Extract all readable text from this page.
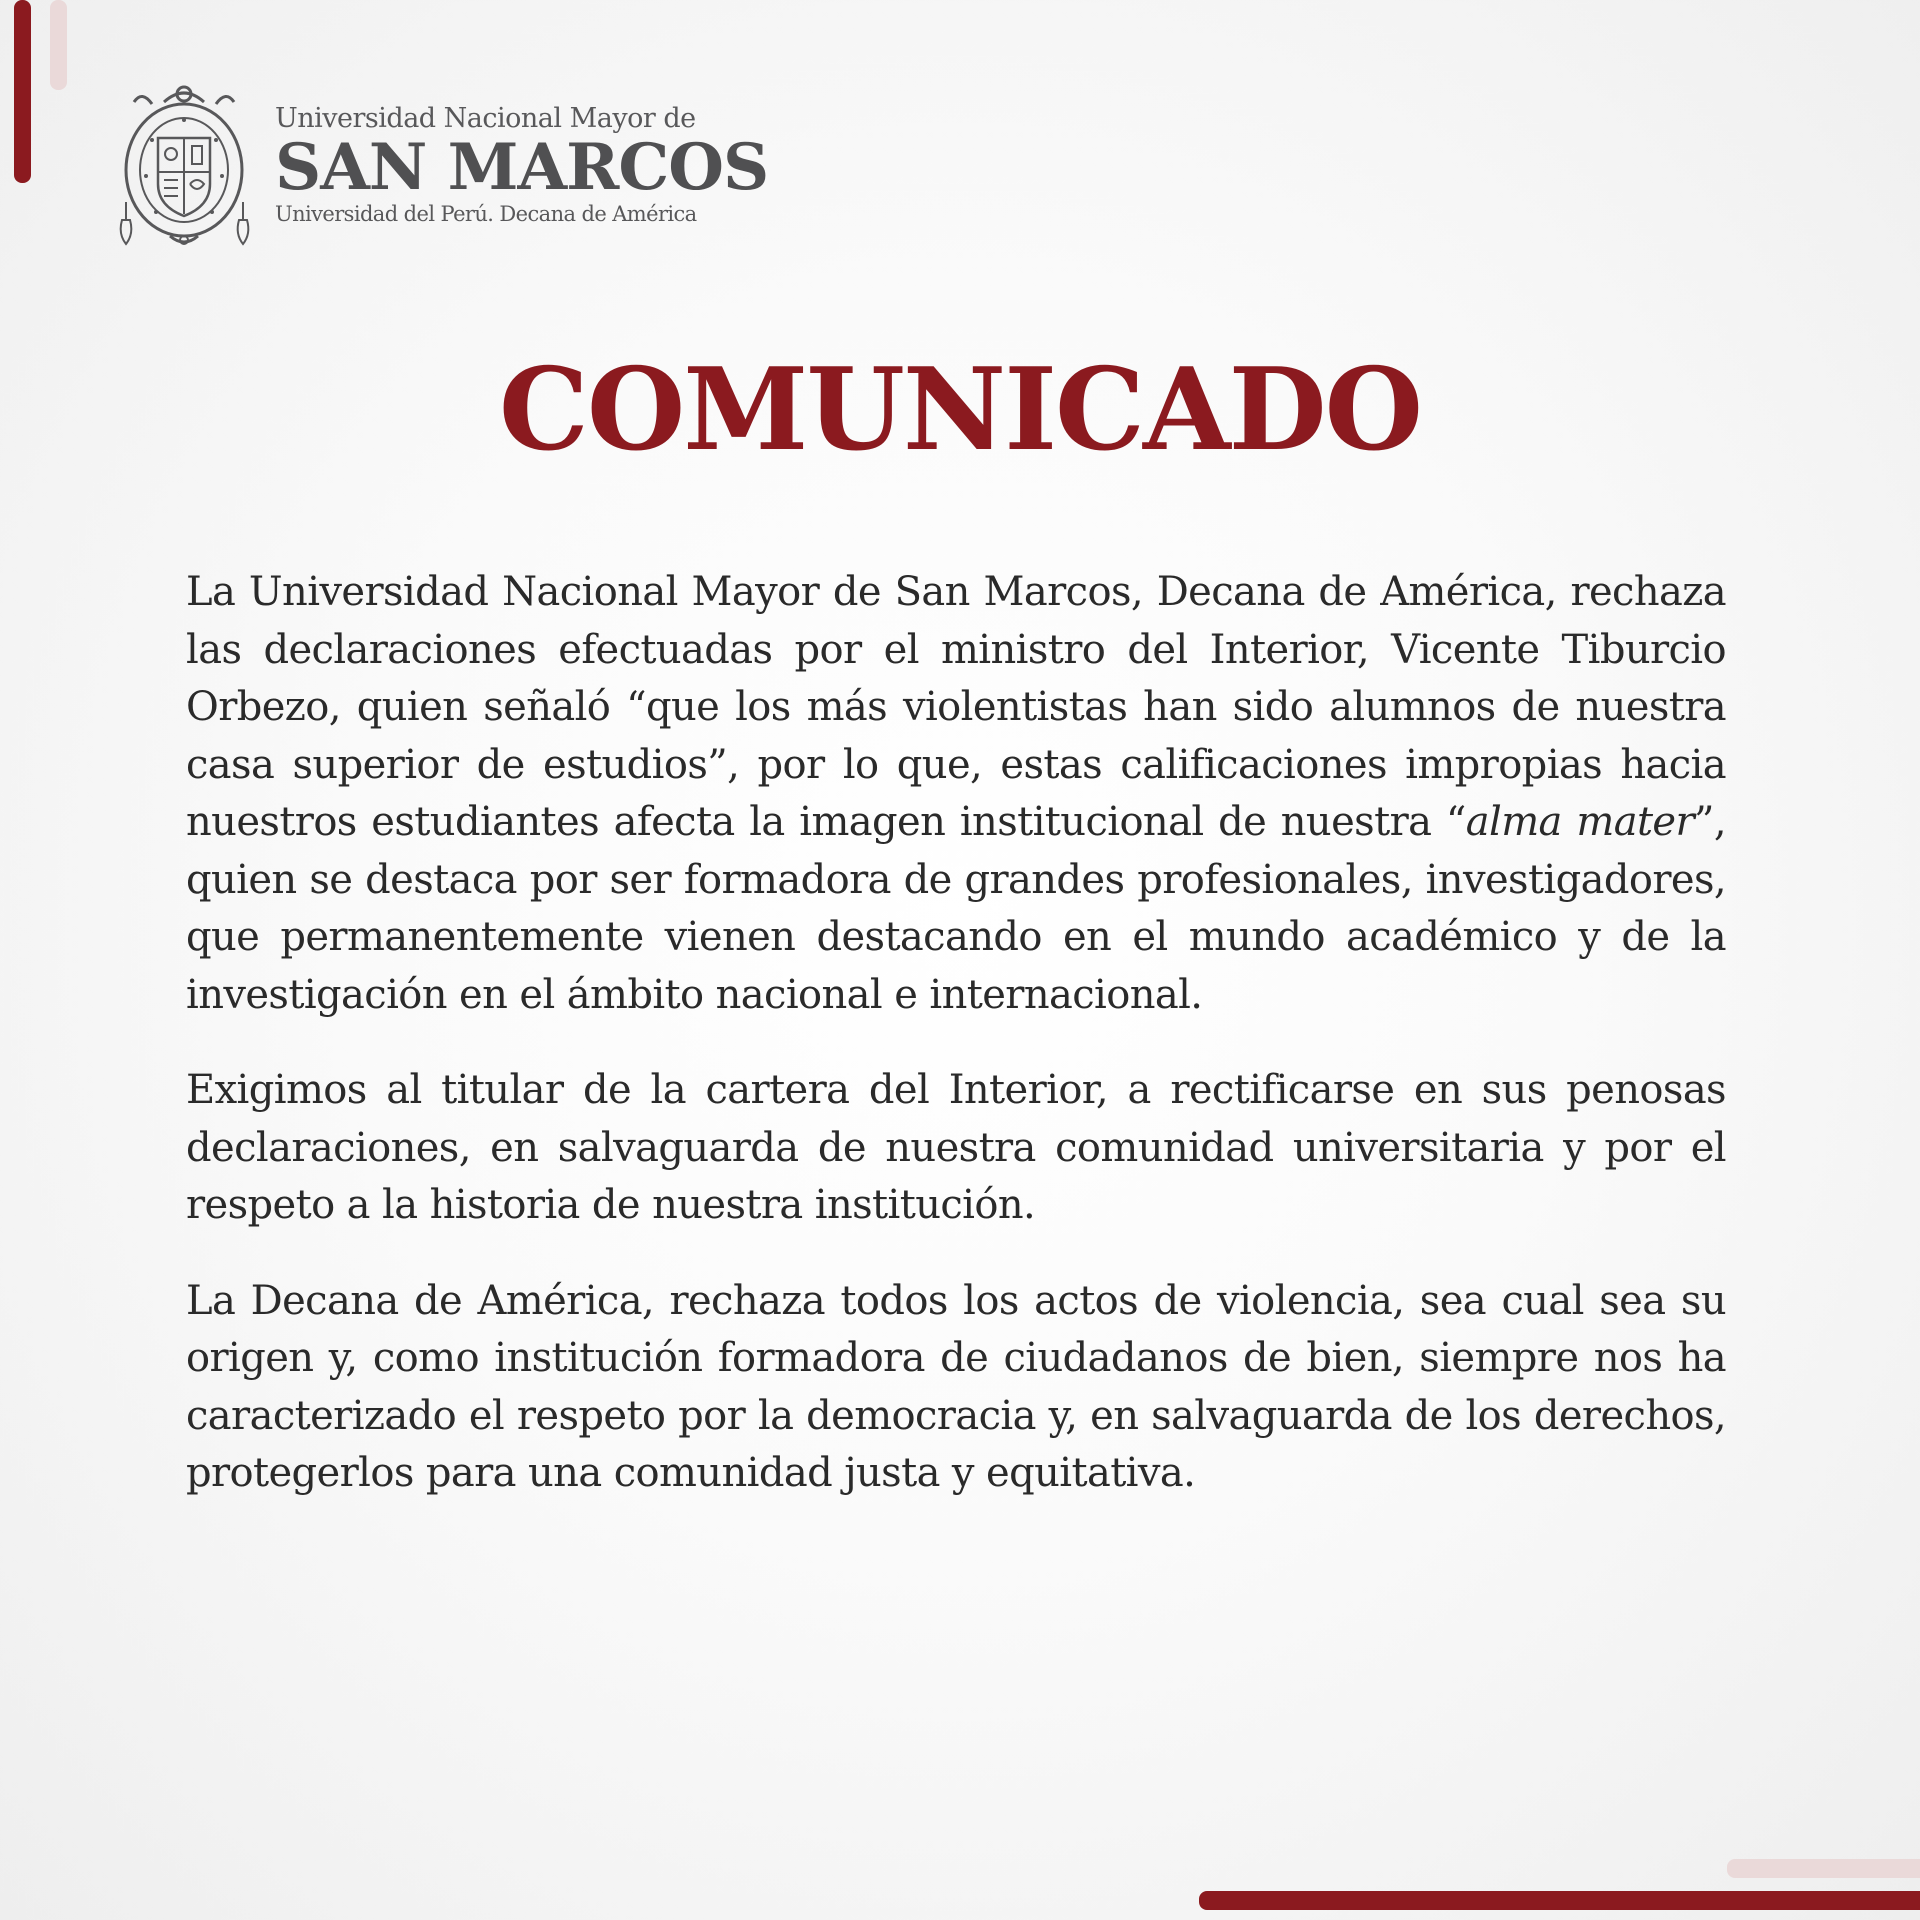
Universidad Nacional Mayor de
SAN MARCOS
Universidad del Perú. Decana de América
COMUNICADO

La Universidad Nacional Mayor de San Marcos, Decana de América, rechaza las declaraciones efectuadas por el ministro del Interior, Vicente Tiburcio Orbezo, quien señaló “que los más violentistas han sido alumnos de nuestra casa superior de estudios”, por lo que, estas calificaciones impropias hacia nuestros estudiantes afecta la imagen institucional de nuestra “alma mater”, quien se destaca por ser formadora de grandes profesionales, investigadores, que permanentemente vienen destacando en el mundo académico y de la investigación en el ámbito nacional e internacional.

Exigimos al titular de la cartera del Interior, a rectificarse en sus penosas declaraciones, en salvaguarda de nuestra comunidad universitaria y por el respeto a la historia de nuestra institución.

La Decana de América, rechaza todos los actos de violencia, sea cual sea su origen y, como institución formadora de ciudadanos de bien, siempre nos ha caracterizado el respeto por la democracia y, en salvaguarda de los derechos, protegerlos para una comunidad justa y equitativa.
